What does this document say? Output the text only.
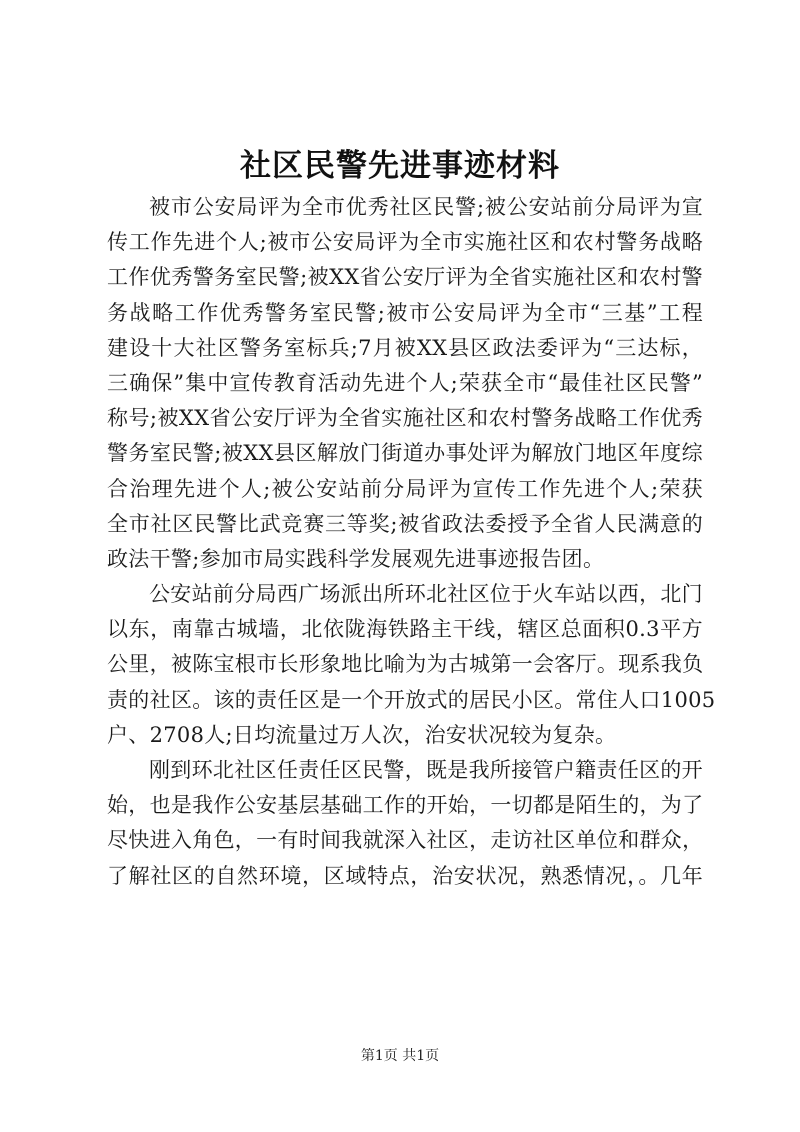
社区民警先进事迹材料
被市公安局评为全市优秀社区民警;被公安站前分局评为宣
传工作先进个人;被市公安局评为全市实施社区和农村警务战略
工作优秀警务室民警;被XX省公安厅评为全省实施社区和农村警
务战略工作优秀警务室民警;被市公安局评为全市“三基”工程
建设十大社区警务室标兵;7月被XX县区政法委评为“三达标，
三确保”集中宣传教育活动先进个人;荣获全市“最佳社区民警”
称号;被XX省公安厅评为全省实施社区和农村警务战略工作优秀
警务室民警;被XX县区解放门街道办事处评为解放门地区年度综
合治理先进个人;被公安站前分局评为宣传工作先进个人;荣获
全市社区民警比武竞赛三等奖;被省政法委授予全省人民满意的
政法干警;参加市局实践科学发展观先进事迹报告团。
公安站前分局西广场派出所环北社区位于火车站以西，北门
以东，南靠古城墙，北依陇海铁路主干线，辖区总面积0.3平方
公里，被陈宝根市长形象地比喻为为古城第一会客厅。现系我负
责的社区。该的责任区是一个开放式的居民小区。常住人口1005
户、2708人;日均流量过万人次，治安状况较为复杂。
刚到环北社区任责任区民警，既是我所接管户籍责任区的开
始，也是我作公安基层基础工作的开始，一切都是陌生的，为了
尽快进入角色，一有时间我就深入社区，走访社区单位和群众，
了解社区的自然环境，区域特点，治安状况，熟悉情况，。几年
第1页 共1页
